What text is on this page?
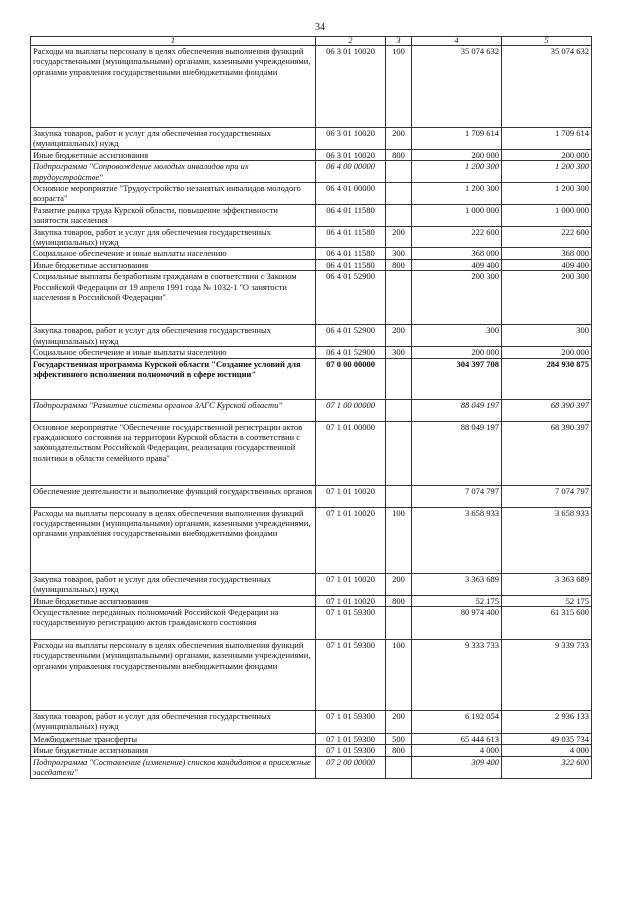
34
1	2	3	4	5
Расходы на выплаты персоналу в целях обеспечения выполнения функций государственными (муниципальными) органами, казенными учреждениями, органами управления государственными внебюджетными фондами	06 3 01 10020	100	35 074 632	35 074 632
Закупка товаров, работ и услуг для обеспечения государственных (муниципальных) нужд	06 3 01 10020	200	1 709 614	1 709 614
Иные бюджетные ассигнования	06 3 01 10020	800	200 000	200 000
Подпрограмма "Сопровождение молодых инвалидов при их трудоустройстве"	06 4 00 00000		1 200 300	1 200 300
Основное мероприятие "Трудоустройство незанятых инвалидов молодого возраста"	06 4 01 00000		1 200 300	1 200 300
Развитие рынка труда Курской области, повышение эффективности занятости населения	06 4 01 11580		1 000 000	1 000 000
Закупка товаров, работ и услуг для обеспечения государственных (муниципальных) нужд	06 4 01 11580	200	222 600	222 600
Социальное обеспечение и иные выплаты населению	06 4 01 11580	300	368 000	368 000
Иные бюджетные ассигнования	06 4 01 11580	800	409 400	409 400
Социальные выплаты безработным гражданам в соответствии с Законом Российской Федерации от 19 апреля 1991 года № 1032-1 "О занятости населения в Российской Федерации"	06 4 01 52900		200 300	200 300
Закупка товаров, работ и услуг для обеспечения государственных (муниципальных) нужд	06 4 01 52900	200	300	300
Социальное обеспечение и иные выплаты населению	06 4 01 52900	300	200 000	200 000
Государственная программа Курской области "Создание условий для эффективного исполнения полномочий в сфере юстиции"	07 0 00 00000		304 397 708	284 930 875
Подпрограмма "Развитие системы органов ЗАГС Курской области"	07 1 00 00000		88 049 197	68 390 397
Основное мероприятие "Обеспечение государственной регистрации актов гражданского состояния на территории Курской области в соответствии с законодательством Российской Федерации, реализация государственной политики в области семейного права"	07 1 01 00000		88 049 197	68 390 397
Обеспечение деятельности и выполнение функций государственных органов	07 1 01 10020		7 074 797	7 074 797
Расходы на выплаты персоналу в целях обеспечения выполнения функций государственными (муниципальными) органами, казенными учреждениями, органами управления государственными внебюджетными фондами	07 1 01 10020	100	3 658 933	3 658 933
Закупка товаров, работ и услуг для обеспечения государственных (муниципальных) нужд	07 1 01 10020	200	3 363 689	3 363 689
Иные бюджетные ассигнования	07 1 01 10020	800	52 175	52 175
Осуществление переданных полномочий Российской Федерации на государственную регистрацию актов гражданского состояния	07 1 01 59300		80 974 400	61 315 600
Расходы на выплаты персоналу в целях обеспечения выполнения функций государственными (муниципальными) органами, казенными учреждениями, органами управления государственными внебюджетными фондами	07 1 01 59300	100	9 333 733	9 339 733
Закупка товаров, работ и услуг для обеспечения государственных (муниципальных) нужд	07 1 01 59300	200	6 192 054	2 936 133
Межбюджетные трансферты	07 1 01 59300	500	65 444 613	49 035 734
Иные бюджетные ассигнования	07 1 01 59300	800	4 000	4 000
Подпрограмма "Составление (изменение) списков кандидатов в присяжные заседатели"	07 2 00 00000		309 400	322 600
